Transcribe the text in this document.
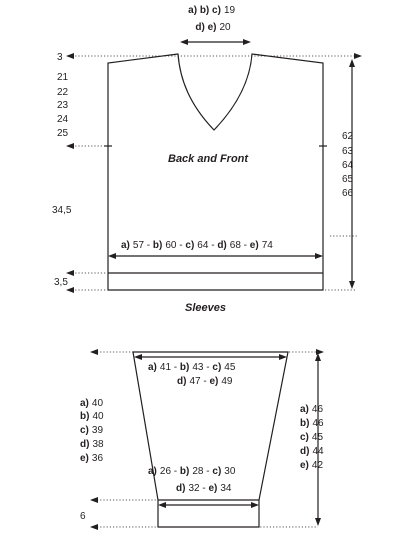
a) b) c) 19 d) e) 20
3
21
22
23
24
25	62
63
64
65
66
Back and Front
34,5
a) 57 - b) 60 - c) 64 - d) 68 - e) 74
3,5
Sleeves
a) 41 - b) 43 - c) 45 d) 47 - e) 49
a) 40
b) 40
c) 39
d) 38
e) 36
a) 46
b) 46
c) 45
d) 44
e) 42
a) 26 - b) 28 - c) 30 d) 32 - e) 34
6
